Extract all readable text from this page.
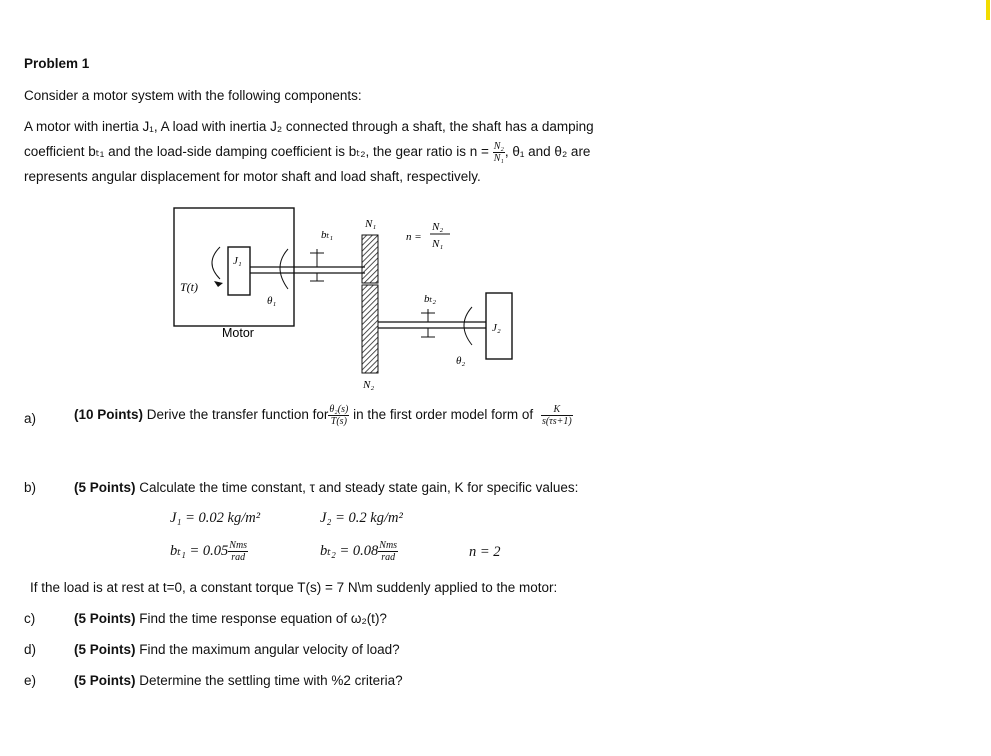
Problem 1
Consider a motor system with the following components:
A motor with inertia J₁, A load with inertia J₂ connected through a shaft, the shaft has a damping
coefficient bₜ₁ and the load-side damping coefficient is bₜ₂, the gear ratio is $n = \frac{\text{N₂}}{\text{N₁}}$ , θ₁ and θ₂ are
represents angular displacement for motor shaft and load shaft, respectively.
T(t)
J₁
θ₁
Motor
bₜ₁
N₁
n =
N₂
N₁
bₜ₂
J₂
θ₂
N₂
a)	(10 Points) Derive the transfer function for $\frac{\text{θ₂(s)}}{T(s)}$ in the first order model form of $\frac{K}{s(\tau s+1)}$
b)	(5 Points) Calculate the time constant, τ and steady state gain, K for specific values:
J₁ = 0.02 kg/m²	J₂ = 0.2 kg/m²
$b_{t1} = 0.05 \frac{\text{Nms}}{\text{rad}}$	$b_{t2} = 0.08 \frac{\text{Nms}}{\text{rad}}$	n = 2
If the load is at rest at t=0, a constant torque T(s) = 7 N\m suddenly applied to the motor:
c)	(5 Points) Find the time response equation of ω₂(t)?
d)	(5 Points) Find the maximum angular velocity of load?
e)	(5 Points) Determine the settling time with %2 criteria?
